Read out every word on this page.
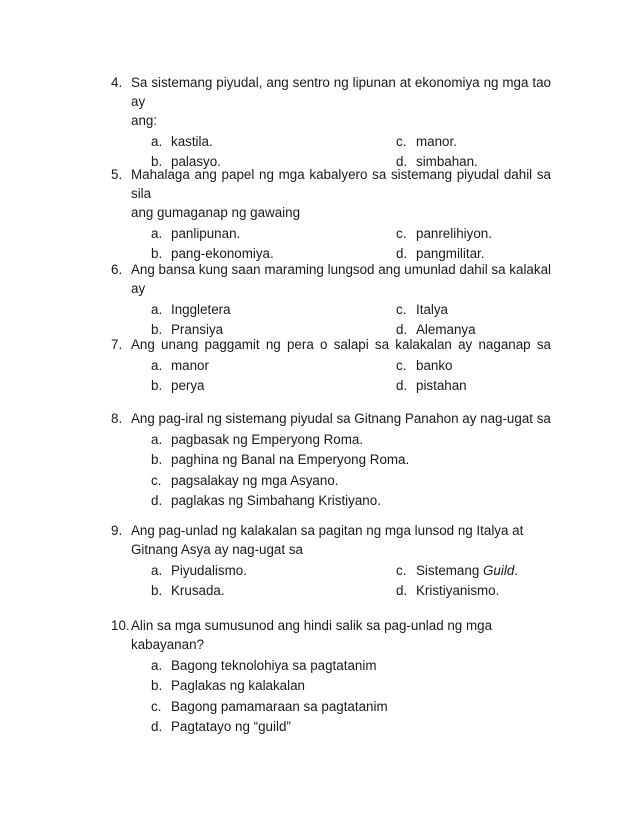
4. Sa sistemang piyudal, ang sentro ng lipunan at ekonomiya ng mga tao ay
ang:
a. kastila.	c. manor.
b. palasyo.	d. simbahan.
5. Mahalaga ang papel ng mga kabalyero sa sistemang piyudal dahil sa sila
ang gumaganap ng gawaing
a. panlipunan.	c. panrelihiyon.
b. pang-ekonomiya.	d. pangmilitar.
6. Ang bansa kung saan maraming lungsod ang umunlad dahil sa kalakal ay
a. Inggletera	c. Italya
b. Pransiya	d. Alemanya
7. Ang unang paggamit ng pera o salapi sa kalakalan ay naganap sa
a. manor	c. banko
b. perya	d. pistahan
8. Ang pag-iral ng sistemang piyudal sa Gitnang Panahon ay nag-ugat sa
a. pagbasak ng Emperyong Roma.
b. paghina ng Banal na Emperyong Roma.
c. pagsalakay ng mga Asyano.
d. paglakas ng Simbahang Kristiyano.
9. Ang pag-unlad ng kalakalan sa pagitan ng mga lunsod ng Italya at
Gitnang Asya ay nag-ugat sa
a. Piyudalismo.	c. Sistemang Guild.
b. Krusada.	d. Kristiyanismo.
10. Alin sa mga sumusunod ang hindi salik sa pag-unlad ng mga kabayanan?
a. Bagong teknolohiya sa pagtatanim
b. Paglakas ng kalakalan
c. Bagong pamamaraan sa pagtatanim
d. Pagtatayo ng “guild”
